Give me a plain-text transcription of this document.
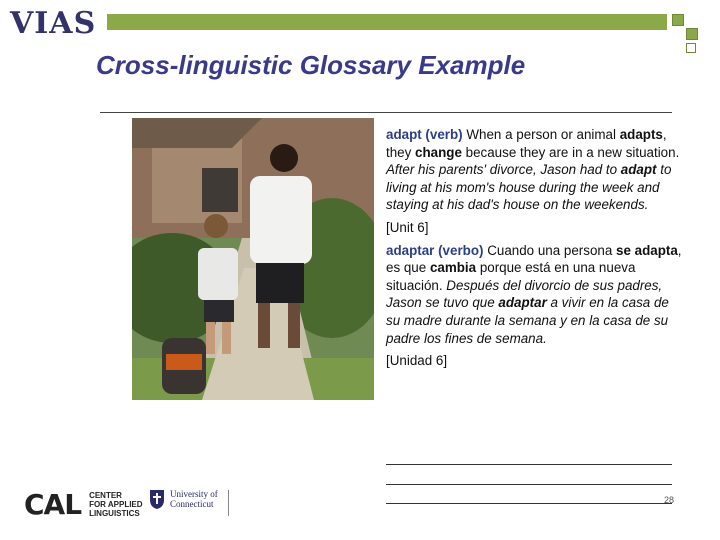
VIAS
Cross-linguistic Glossary Example

adapt (verb) When a person or animal adapts, they change because they are in a new situation. After his parents' divorce, Jason had to adapt to living at his mom's house during the week and staying at his dad's house on the weekends.

[Unit 6]

adaptar (verbo) Cuando una persona se adapta, es que cambia porque está en una nueva situación. Después del divorcio de sus padres, Jason se tuvo que adaptar a vivir en la casa de su madre durante la semana y en la casa de su padre los fines de semana.

[Unidad 6]

28
CAL CENTER
FOR APPLIED
LINGUISTICS
University of
Connecticut
